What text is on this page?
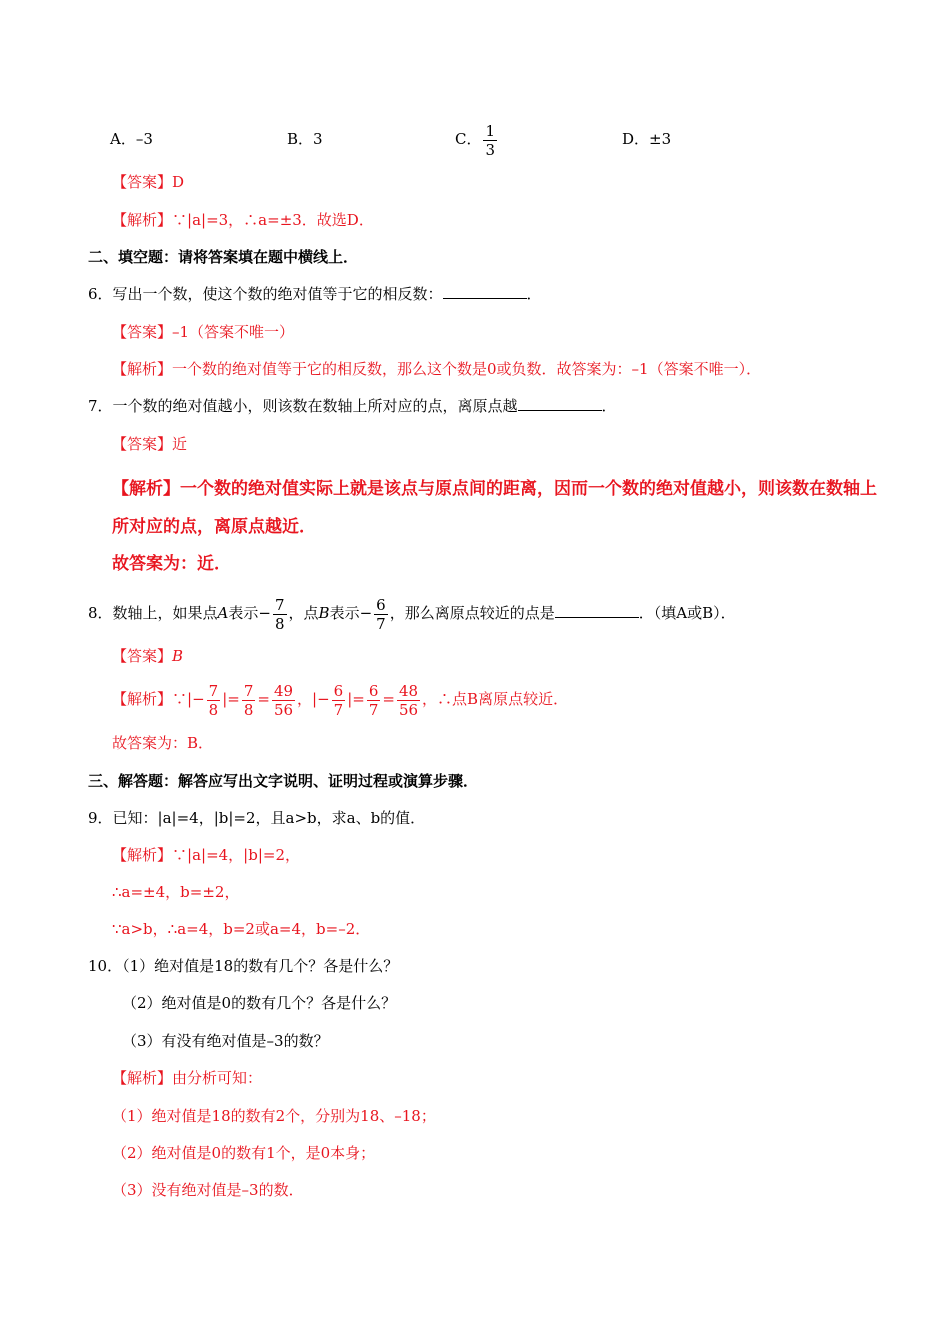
A．–3	B．3	C． $\frac{1}{3}$	D．±3
【答案】D
【解析】∵|a|=3，∴a=±3．故选D．
二、填空题：请将答案填在题中横线上．
6．写出一个数，使这个数的绝对值等于它的相反数：	．
【答案】–1（答案不唯一）
【解析】一个数的绝对值等于它的相反数，那么这个数是0或负数．故答案为：–1（答案不唯一）．
7．一个数的绝对值越小，则该数在数轴上所对应的点，离原点越	．
【答案】近
【解析】一个数的绝对值实际上就是该点与原点间的距离，因而一个数的绝对值越小，则该数在数轴上
所对应的点，离原点越近．
故答案为：近．
8．数轴上，如果点A表示− $\frac{7}{8}$ ，点B表示− $\frac{6}{7}$ ，那么离原点较近的点是	．（填A或B）．
【答案】B
【解析】∵|− $\frac{7}{8}$ |= $\frac{7}{8} = \frac{49}{56}$ ，|− $\frac{6}{7}$ |= $\frac{6}{7} = \frac{48}{56}$ ，∴点B离原点较近．
故答案为：B．
三、解答题：解答应写出文字说明、证明过程或演算步骤．
9．已知：|a|=4，|b|=2，且a>b，求a、b的值．
【解析】∵|a|=4，|b|=2，
∴a=±4，b=±2，
∵a>b，∴a=4，b=2或a=4，b=–2．
10．（1）绝对值是18的数有几个？各是什么？
（2）绝对值是0的数有几个？各是什么？
（3）有没有绝对值是–3的数？
【解析】由分析可知：
（1）绝对值是18的数有2个，分别为18、–18；
（2）绝对值是0的数有1个，是0本身；
（3）没有绝对值是–3的数．
